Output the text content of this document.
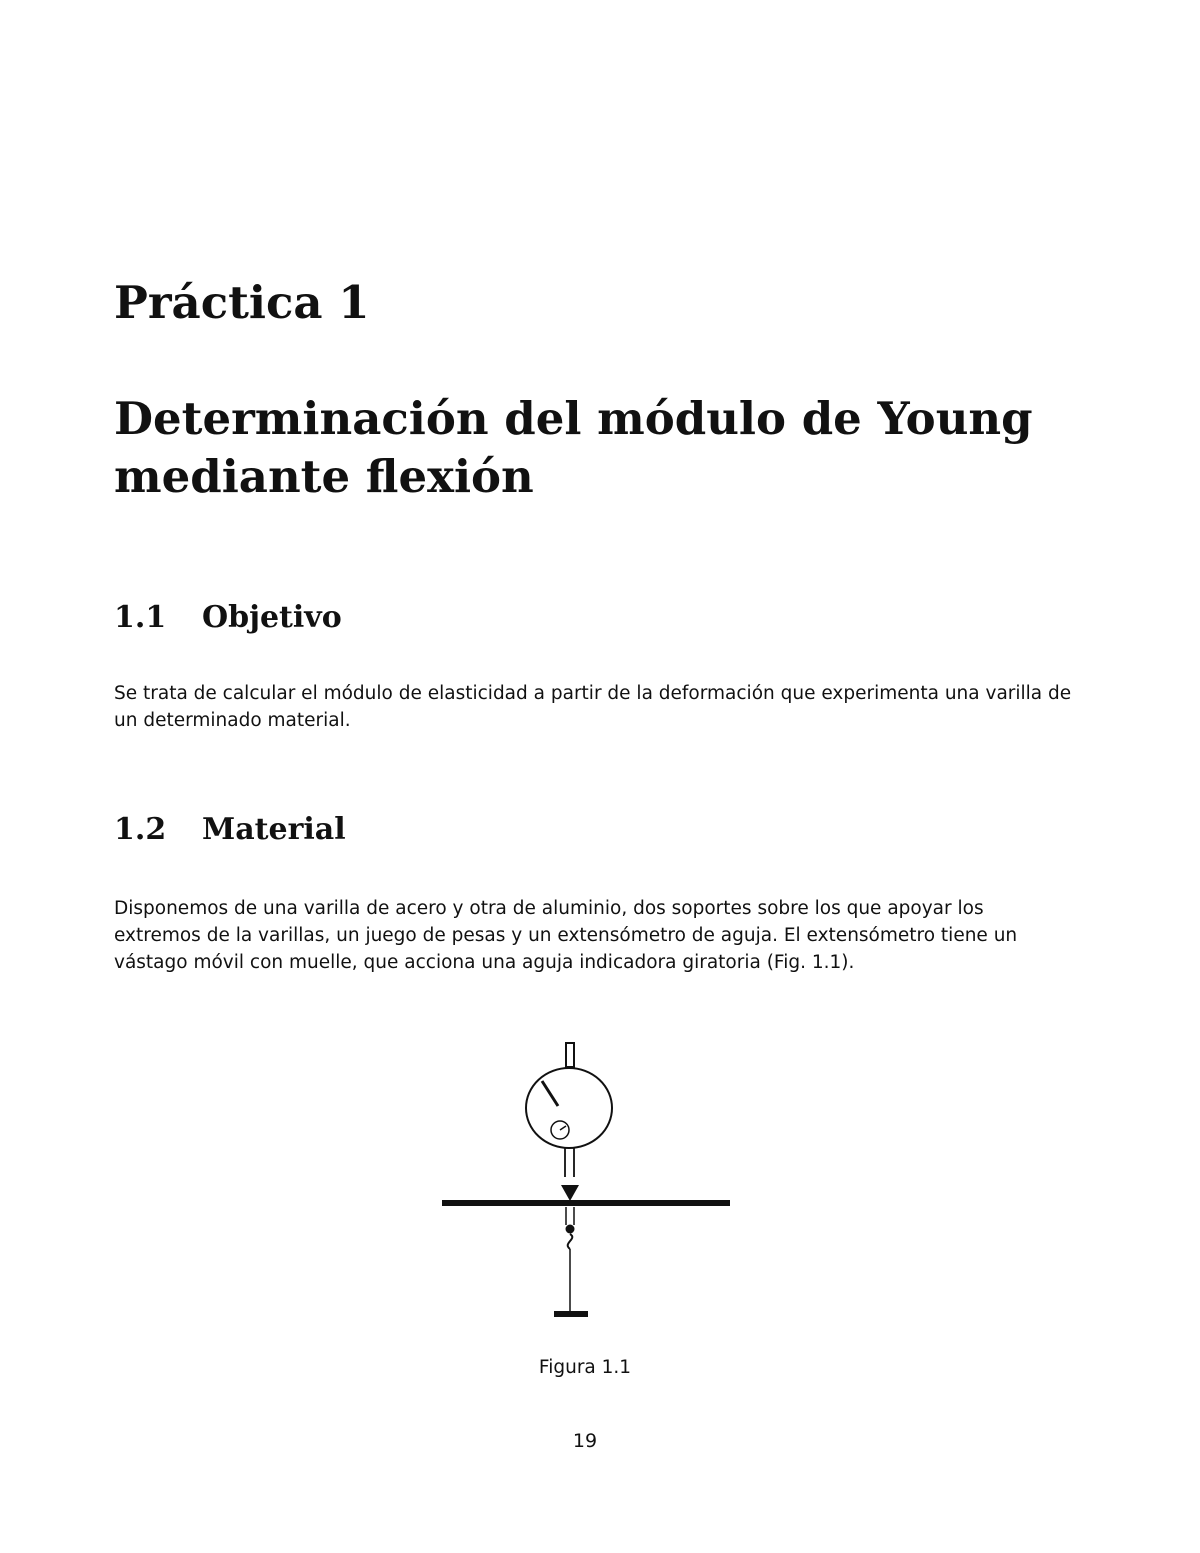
Práctica 1
Determinación del módulo de Young mediante flexión
1.1 Objetivo
Se trata de calcular el módulo de elasticidad a partir de la deformación que experimenta una varilla de un determinado material.
1.2 Material
Disponemos de una varilla de acero y otra de aluminio, dos soportes sobre los que apoyar los extremos de la varillas, un juego de pesas y un extensómetro de aguja. El extensómetro tiene un vástago móvil con muelle, que acciona una aguja indicadora giratoria (Fig. 1.1).
Figura 1.1
19
